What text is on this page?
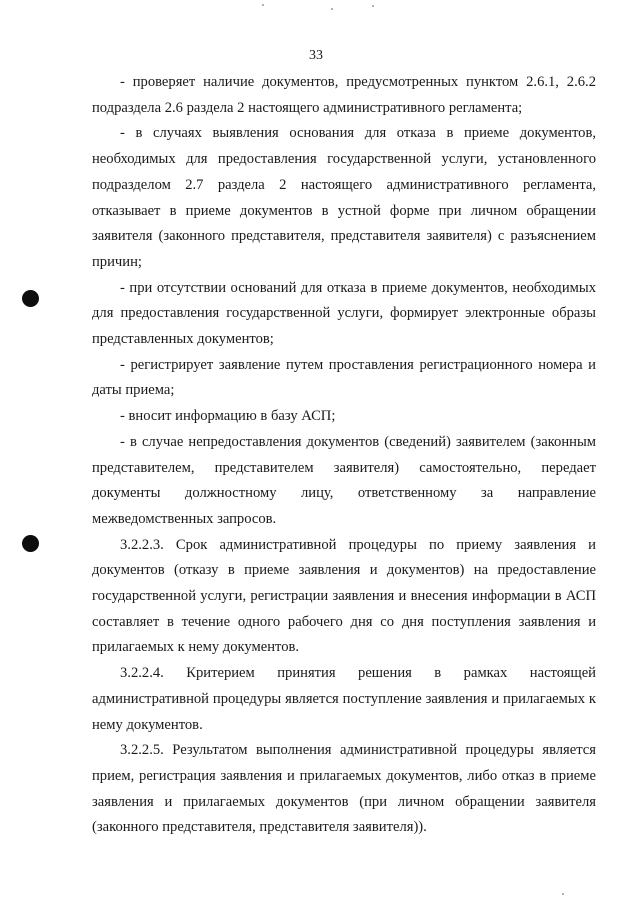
33

- проверяет наличие документов, предусмотренных пунктом 2.6.1, 2.6.2 подраздела 2.6 раздела 2 настоящего административного регламента;

- в случаях выявления основания для отказа в приеме документов, необходимых для предоставления государственной услуги, установленного подразделом 2.7 раздела 2 настоящего административного регламента, отказывает в приеме документов в устной форме при личном обращении заявителя (законного представителя, представителя заявителя) с разъяснением причин;

- при отсутствии оснований для отказа в приеме документов, необходимых для предоставления государственной услуги, формирует электронные образы представленных документов;

- регистрирует заявление путем проставления регистрационного номера и даты приема;

- вносит информацию в базу АСП;

- в случае непредоставления документов (сведений) заявителем (законным представителем, представителем заявителя) самостоятельно, передает документы должностному лицу, ответственному за направление межведомственных запросов.

3.2.2.3. Срок административной процедуры по приему заявления и документов (отказу в приеме заявления и документов) на предоставление государственной услуги, регистрации заявления и внесения информации в АСП составляет в течение одного рабочего дня со дня поступления заявления и прилагаемых к нему документов.

3.2.2.4. Критерием принятия решения в рамках настоящей административной процедуры является поступление заявления и прилагаемых к нему документов.

3.2.2.5. Результатом выполнения административной процедуры является прием, регистрация заявления и прилагаемых документов, либо отказ в приеме заявления и прилагаемых документов (при личном обращении заявителя (законного представителя, представителя заявителя)).
